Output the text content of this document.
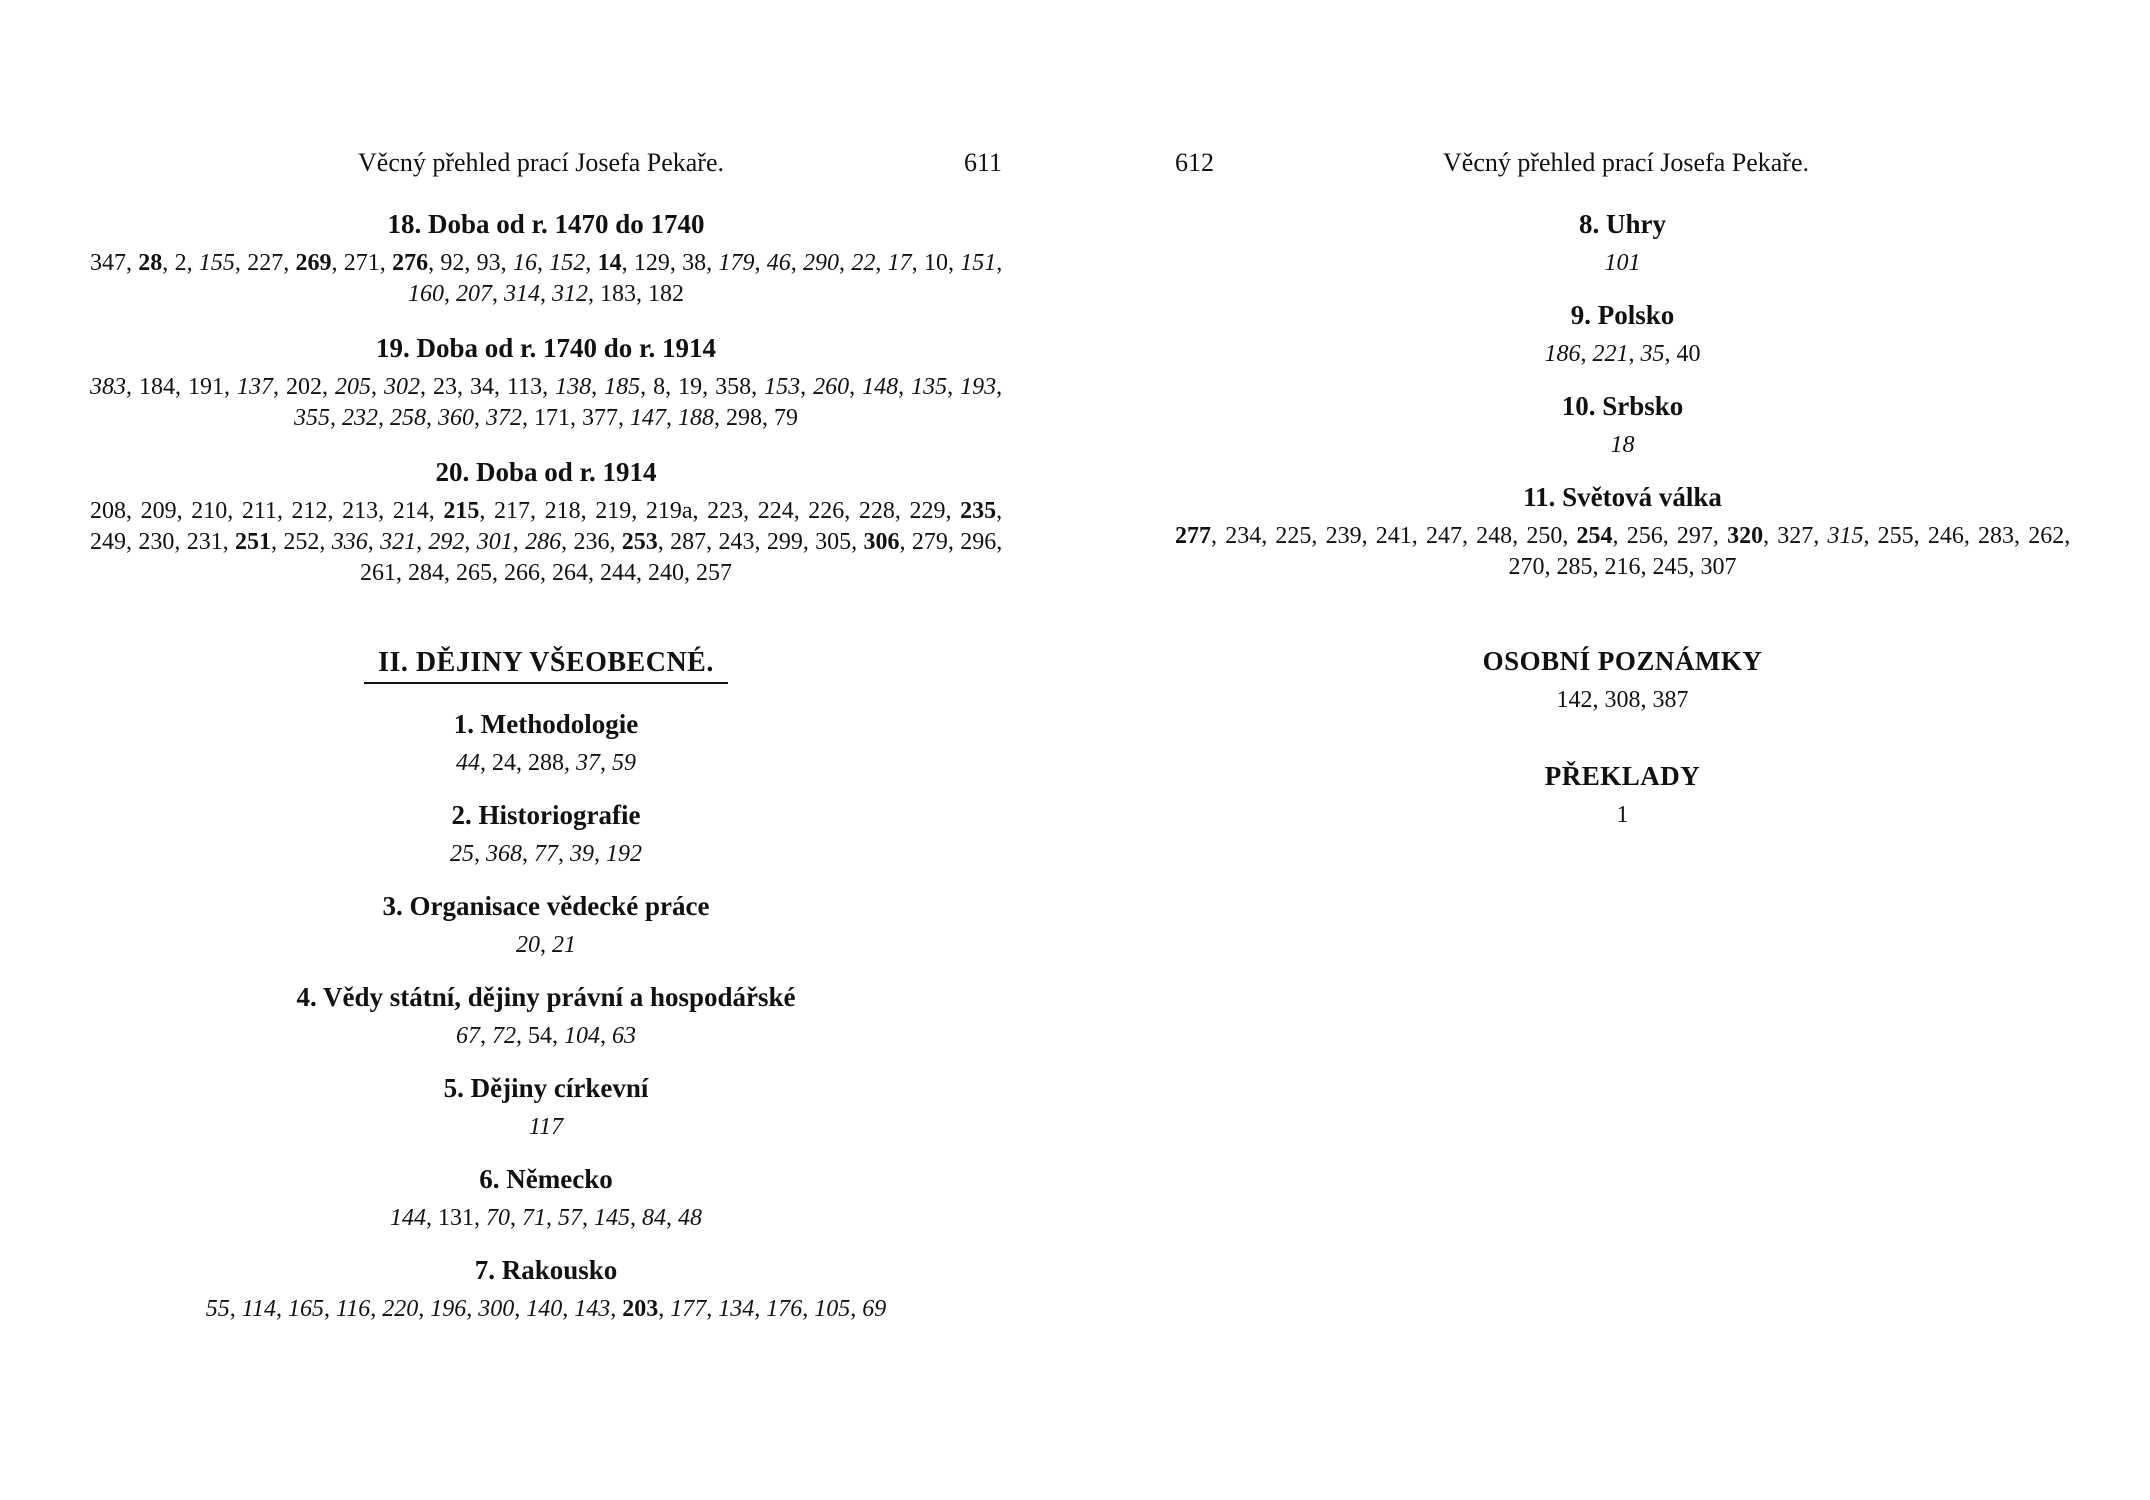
Věcný přehled prací Josefa Pekaře.	611

18. Doba od r. 1470 do 1740

347, 28, 2, 155, 227, 269, 271, 276, 92, 93, 16, 152, 14, 129, 38, 179, 46, 290, 22, 17, 10, 151, 160, 207, 314, 312, 183, 182

19. Doba od r. 1740 do r. 1914

383, 184, 191, 137, 202, 205, 302, 23, 34, 113, 138, 185, 8, 19, 358, 153, 260, 148, 135, 193, 355, 232, 258, 360, 372, 171, 377, 147, 188, 298, 79

20. Doba od r. 1914

208, 209, 210, 211, 212, 213, 214, 215, 217, 218, 219, 219a, 223, 224, 226, 228, 229, 235, 249, 230, 231, 251, 252, 336, 321, 292, 301, 286, 236, 253, 287, 243, 299, 305, 306, 279, 296, 261, 284, 265, 266, 264, 244, 240, 257

II. DĚJINY VŠEOBECNÉ.

1. Methodologie

44, 24, 288, 37, 59

2. Historiografie

25, 368, 77, 39, 192

3. Organisace vědecké práce

20, 21

4. Vědy státní, dějiny právní a hospodářské

67, 72, 54, 104, 63

5. Dějiny církevní

117

6. Německo

144, 131, 70, 71, 57, 145, 84, 48

7. Rakousko

55, 114, 165, 116, 220, 196, 300, 140, 143, 203, 177, 134, 176, 105, 69

612	Věcný přehled prací Josefa Pekaře.

8. Uhry

101

9. Polsko

186, 221, 35, 40

10. Srbsko

18

11. Světová válka

277, 234, 225, 239, 241, 247, 248, 250, 254, 256, 297, 320, 327, 315, 255, 246, 283, 262, 270, 285, 216, 245, 307

OSOBNÍ POZNÁMKY

142, 308, 387

PŘEKLADY

1
